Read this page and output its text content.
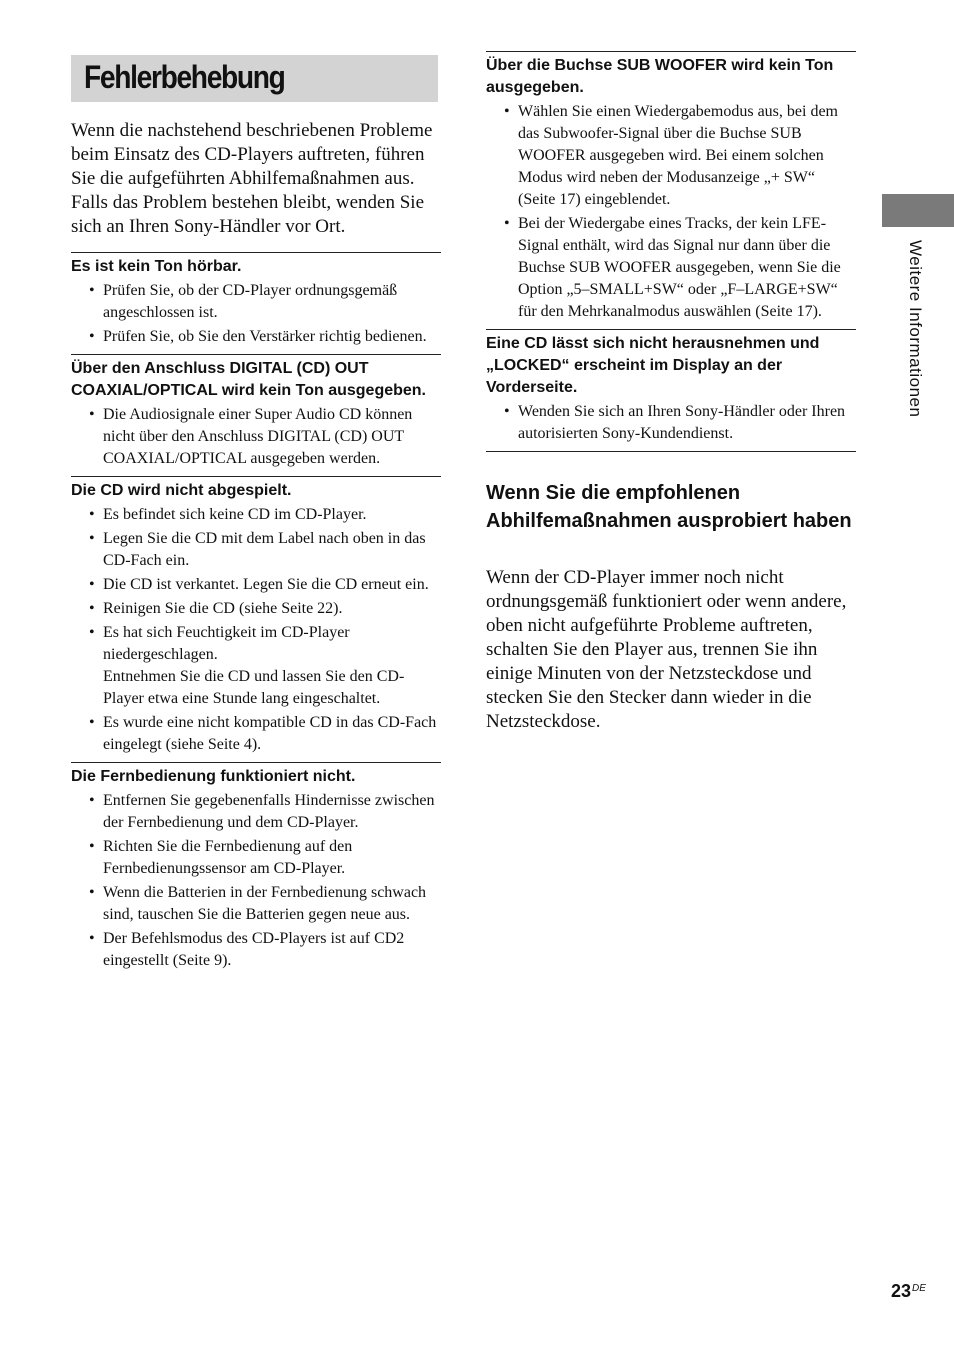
Fehlerbehebung

Wenn die nachstehend beschriebenen Probleme beim Einsatz des CD-Players auftreten, führen Sie die aufgeführten Abhilfemaßnahmen aus. Falls das Problem bestehen bleibt, wenden Sie sich an Ihren Sony-Händler vor Ort.

Es ist kein Ton hörbar.
• Prüfen Sie, ob der CD-Player ordnungsgemäß angeschlossen ist.
• Prüfen Sie, ob Sie den Verstärker richtig bedienen.
Über den Anschluss DIGITAL (CD) OUT COAXIAL/OPTICAL wird kein Ton ausgegeben.
• Die Audiosignale einer Super Audio CD können nicht über den Anschluss DIGITAL (CD) OUT COAXIAL/OPTICAL ausgegeben werden.
Die CD wird nicht abgespielt.
• Es befindet sich keine CD im CD-Player.
• Legen Sie die CD mit dem Label nach oben in das CD-Fach ein.
• Die CD ist verkantet. Legen Sie die CD erneut ein.
• Reinigen Sie die CD (siehe Seite 22).
• Es hat sich Feuchtigkeit im CD-Player niedergeschlagen.
Entnehmen Sie die CD und lassen Sie den CD-Player etwa eine Stunde lang eingeschaltet.
• Es wurde eine nicht kompatible CD in das CD-Fach eingelegt (siehe Seite 4).
Die Fernbedienung funktioniert nicht.
• Entfernen Sie gegebenenfalls Hindernisse zwischen der Fernbedienung und dem CD-Player.
• Richten Sie die Fernbedienung auf den Fernbedienungssensor am CD-Player.
• Wenn die Batterien in der Fernbedienung schwach sind, tauschen Sie die Batterien gegen neue aus.
• Der Befehlsmodus des CD-Players ist auf CD2 eingestellt (Seite 9).
Über die Buchse SUB WOOFER wird kein Ton ausgegeben.
• Wählen Sie einen Wiedergabemodus aus, bei dem das Subwoofer-Signal über die Buchse SUB WOOFER ausgegeben wird. Bei einem solchen Modus wird neben der Modusanzeige „+ SW“ (Seite 17) eingeblendet.
• Bei der Wiedergabe eines Tracks, der kein LFE-Signal enthält, wird das Signal nur dann über die Buchse SUB WOOFER ausgegeben, wenn Sie die Option „5–SMALL+SW“ oder „F–LARGE+SW“ für den Mehrkanalmodus auswählen (Seite 17).
Eine CD lässt sich nicht herausnehmen und „LOCKED“ erscheint im Display an der Vorderseite.
• Wenden Sie sich an Ihren Sony-Händler oder Ihren autorisierten Sony-Kundendienst.
Wenn Sie die empfohlenen Abhilfemaßnahmen ausprobiert haben

Wenn der CD-Player immer noch nicht ordnungsgemäß funktioniert oder wenn andere, oben nicht aufgeführte Probleme auftreten, schalten Sie den Player aus, trennen Sie ihn einige Minuten von der Netzsteckdose und stecken Sie den Stecker dann wieder in die Netzsteckdose.

Weitere Informationen
23DE
